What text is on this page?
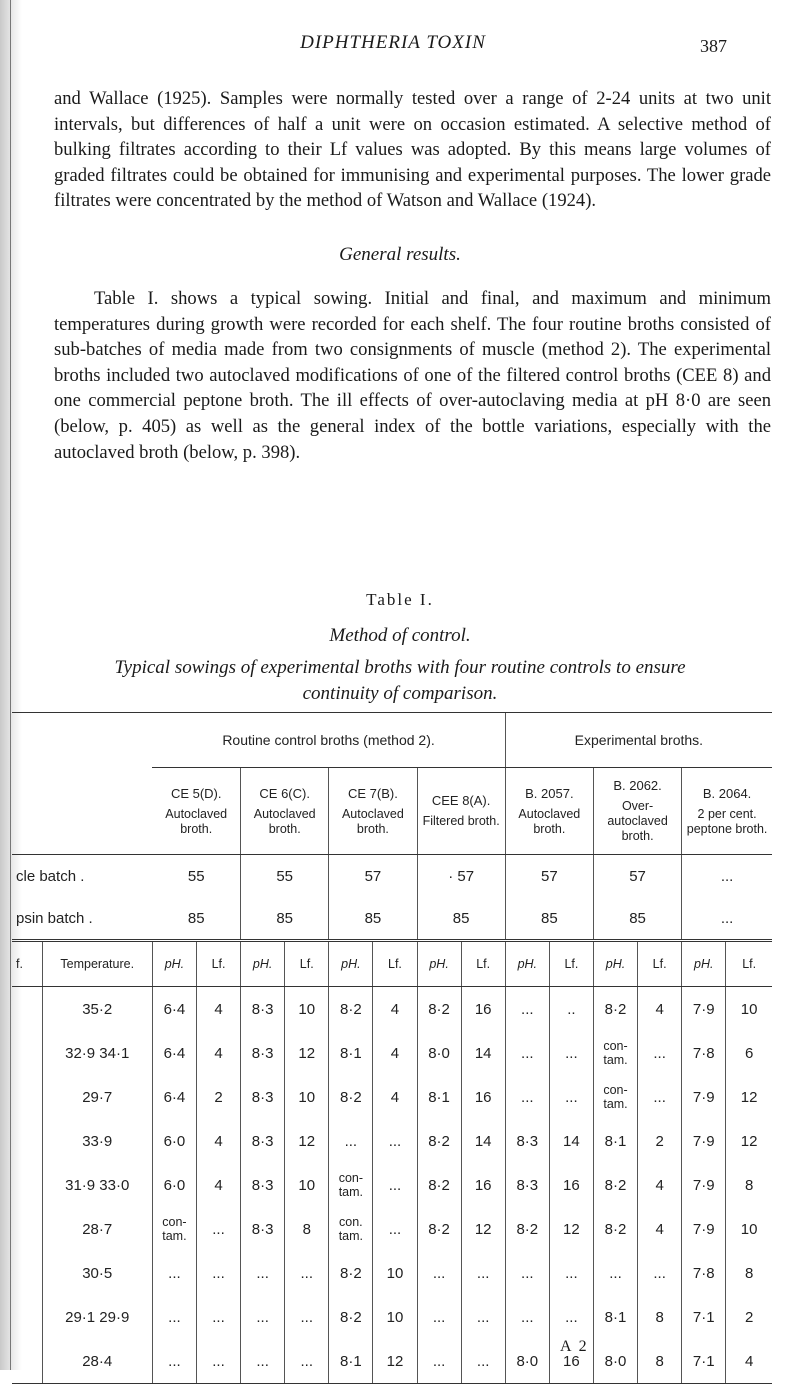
DIPHTHERIA TOXIN	387
and Wallace (1925). Samples were normally tested over a range of 2-24 units at two unit intervals, but differences of half a unit were on occasion estimated. A selective method of bulking filtrates according to their Lf values was adopted. By this means large volumes of graded filtrates could be obtained for immunising and experimental purposes. The lower grade filtrates were concentrated by the method of Watson and Wallace (1924).
General results.
Table I. shows a typical sowing. Initial and final, and maximum and minimum temperatures during growth were recorded for each shelf. The four routine broths consisted of sub-batches of media made from two consignments of muscle (method 2). The experimental broths included two autoclaved modifications of one of the filtered control broths (CEE 8) and one commercial peptone broth. The ill effects of over-autoclaving media at pH 8·0 are seen (below, p. 405) as well as the general index of the bottle variations, especially with the autoclaved broth (below, p. 398).
Table I.
Method of control.
Typical sowings of experimental broths with four routine controls to ensure
continuity of comparison.
		Routine control broths (method 2).								Experimental broths.					

		CE 5(D).
Autoclaved broth.		CE 6(C).
Autoclaved broth.		CE 7(B).
Autoclaved broth.		CEE 8(A).
Filtered broth.		B. 2057.
Autoclaved broth.		B. 2062.
Over-autoclaved broth.		B. 2064.
2 per cent. peptone broth.	
cle batch .		55		55		57		· 57		57		57		...	
psin batch .		85		85		85		85		85		85		...	
f.	Temperature.	pH.	Lf.	pH.	Lf.	pH.	Lf.	pH.	Lf.	pH.	Lf.	pH.	Lf.	pH.	Lf.
	35·2	6·4	4	8·3	10	8·2	4	8·2	16	...	..	8·2	4	7·9	10
	32·9 34·1	6·4	4	8·3	12	8·1	4	8·0	14	...	...	con-
tam.	...	7·8	6
	29·7	6·4	2	8·3	10	8·2	4	8·1	16	...	...	con-
tam.	...	7·9	12
	33·9	6·0	4	8·3	12	...	...	8·2	14	8·3	14	8·1	2	7·9	12
	31·9 33·0	6·0	4	8·3	10	con-
tam.	...	8·2	16	8·3	16	8·2	4	7·9	8
	28·7	con-
tam.	...	8·3	8	con.
tam.	...	8·2	12	8·2	12	8·2	4	7·9	10
	30·5	...	...	...	...	8·2	10	...	...	...	...	...	...	7·8	8
	29·1 29·9	...	...	...	...	8·2	10	...	...	...	...	8·1	8	7·1	2
	28·4	...	...	...	...	8·1	12	...	...	8·0	16	8·0	8	7·1	4
A 2
